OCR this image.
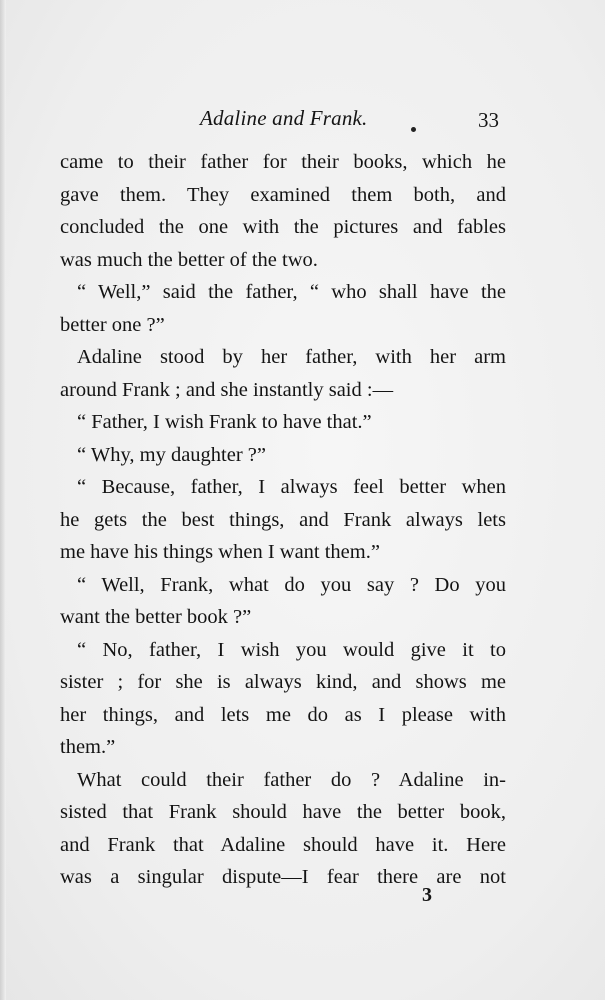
Adaline and Frank.	33
came to their father for their books, which he
gave them. They examined them both, and
concluded the one with the pictures and fables
was much the better of the two.
“ Well,” said the father, “ who shall have the
better one ?”
Adaline stood by her father, with her arm
around Frank ; and she instantly said :—
“ Father, I wish Frank to have that.”
“ Why, my daughter ?”
“ Because, father, I always feel better when
he gets the best things, and Frank always lets
me have his things when I want them.”
“ Well, Frank, what do you say ? Do you
want the better book ?”
“ No, father, I wish you would give it to
sister ; for she is always kind, and shows me
her things, and lets me do as I please with
them.”
What could their father do ? Adaline in-
sisted that Frank should have the better book,
and Frank that Adaline should have it. Here
was a singular dispute—I fear there are not
3
